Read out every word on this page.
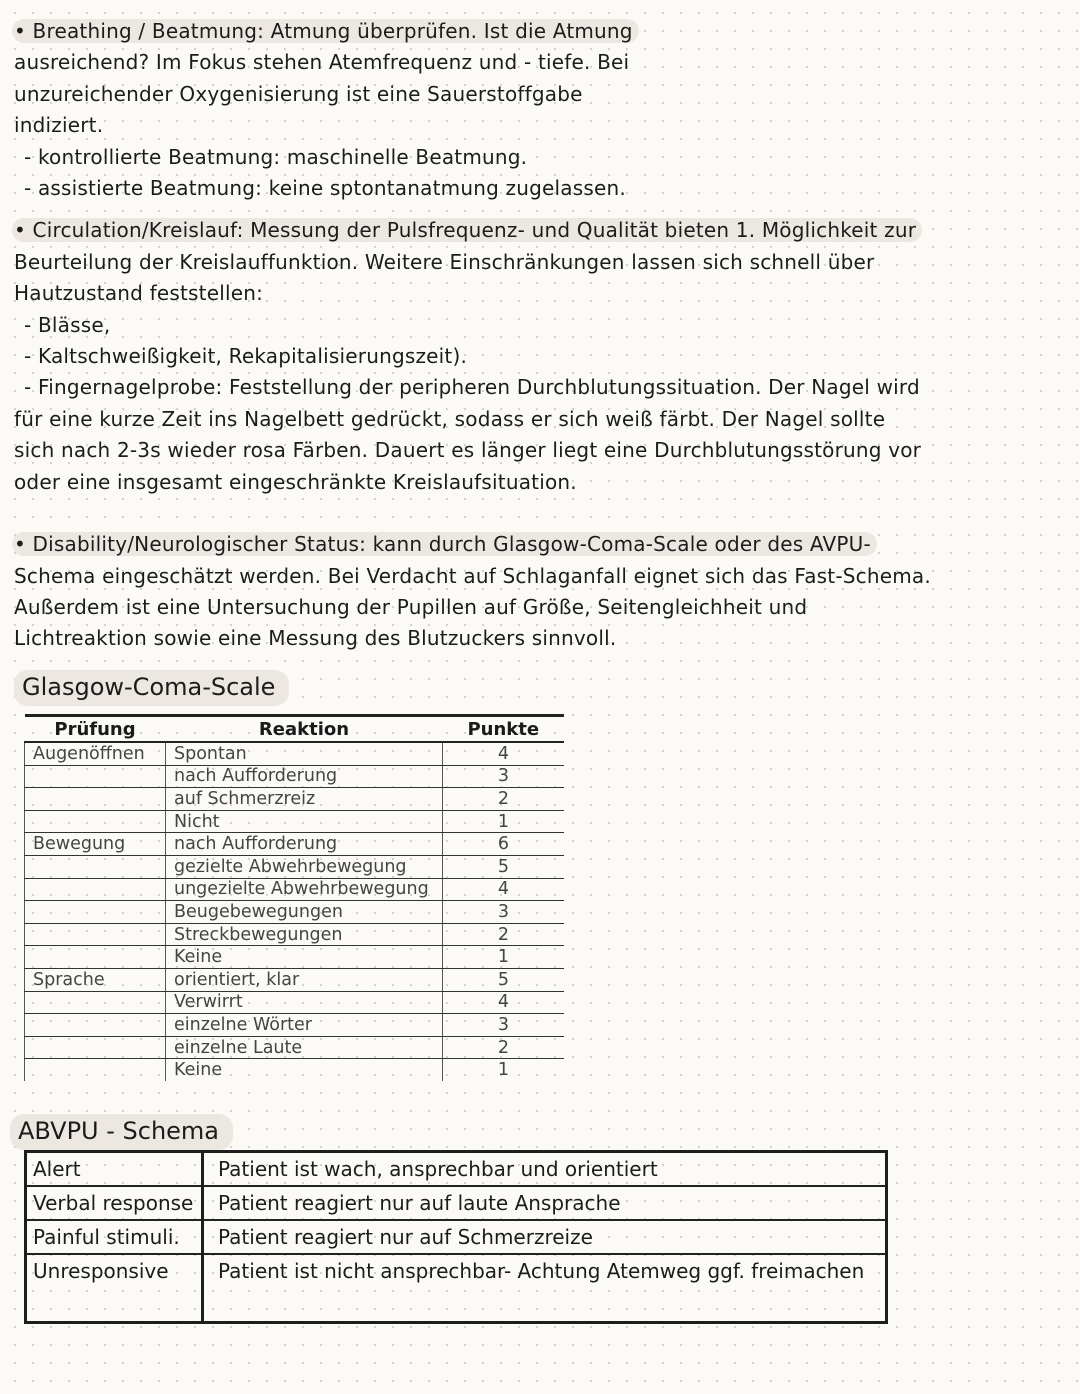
• Breathing / Beatmung: Atmung überprüfen. Ist die Atmung

ausreichend? Im Fokus stehen Atemfrequenz und - tiefe. Bei

unzureichender Oxygenisierung ist eine Sauerstoffgabe

indiziert.

- kontrollierte Beatmung: maschinelle Beatmung.

- assistierte Beatmung: keine sptontanatmung zugelassen.

• Circulation/Kreislauf: Messung der Pulsfrequenz- und Qualität bieten 1. Möglichkeit zur

Beurteilung der Kreislauffunktion. Weitere Einschränkungen lassen sich schnell über

Hautzustand feststellen:

- Blässe,

- Kaltschweißigkeit, Rekapitalisierungszeit).

- Fingernagelprobe: Feststellung der peripheren Durchblutungssituation. Der Nagel wird

für eine kurze Zeit ins Nagelbett gedrückt, sodass er sich weiß färbt. Der Nagel sollte

sich nach 2-3s wieder rosa Färben. Dauert es länger liegt eine Durchblutungsstörung vor

oder eine insgesamt eingeschränkte Kreislaufsituation.

• Disability/Neurologischer Status: kann durch Glasgow-Coma-Scale oder des AVPU-

Schema eingeschätzt werden. Bei Verdacht auf Schlaganfall eignet sich das Fast-Schema.

Außerdem ist eine Untersuchung der Pupillen auf Größe, Seitengleichheit und

Lichtreaktion sowie eine Messung des Blutzuckers sinnvoll.

Glasgow-Coma-Scale
Prüfung	Reaktion	Punkte
Augenöffnen	Spontan	4
	nach Aufforderung	3
	auf Schmerzreiz	2
	Nicht	1
Bewegung	nach Aufforderung	6
	gezielte Abwehrbewegung	5
	ungezielte Abwehrbewegung	4
	Beugebewegungen	3
	Streckbewegungen	2
	Keine	1
Sprache	orientiert, klar	5
	Verwirrt	4
	einzelne Wörter	3
	einzelne Laute	2
	Keine	1
ABVPU - Schema
Alert	Patient ist wach, ansprechbar und orientiert
Verbal response	Patient reagiert nur auf laute Ansprache
Painful stimuli.	Patient reagiert nur auf Schmerzreize
Unresponsive	Patient ist nicht ansprechbar- Achtung Atemweg ggf. freimachen
